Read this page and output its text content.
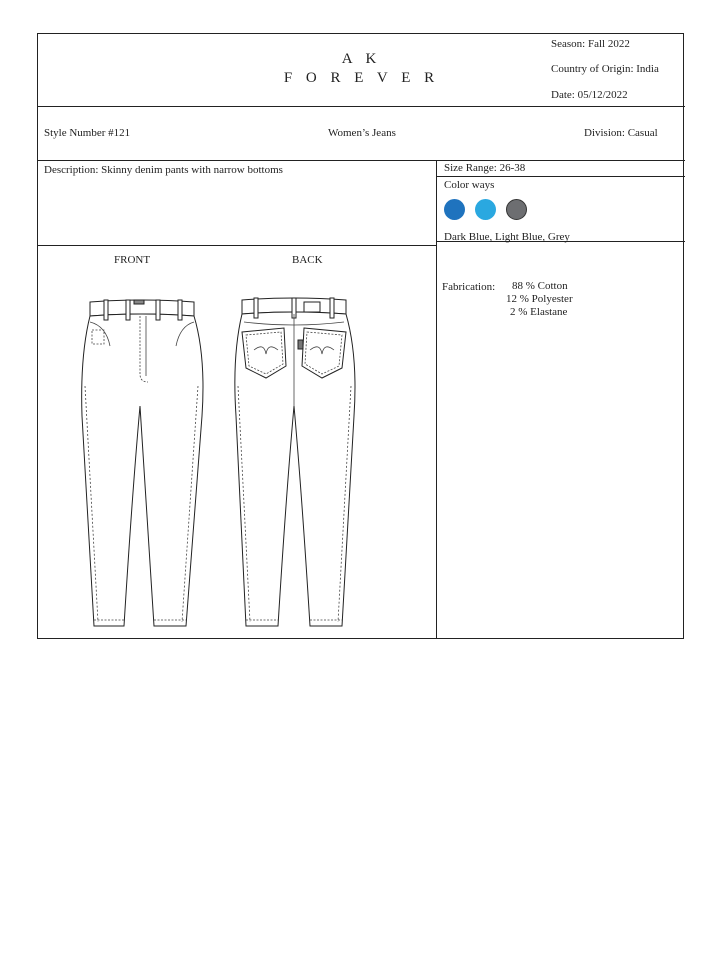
A K
F O R E V E R
Season: Fall 2022
Country of Origin: India
Date: 05/12/2022
Style Number #121	Women’s Jeans	Division: Casual
Description: Skinny denim pants with narrow bottoms	Size Range: 26-38
Color ways
Dark Blue, Light Blue, Grey
FRONT	BACK
Fabrication:	88 % Cotton
12 % Polyester
2 % Elastane
